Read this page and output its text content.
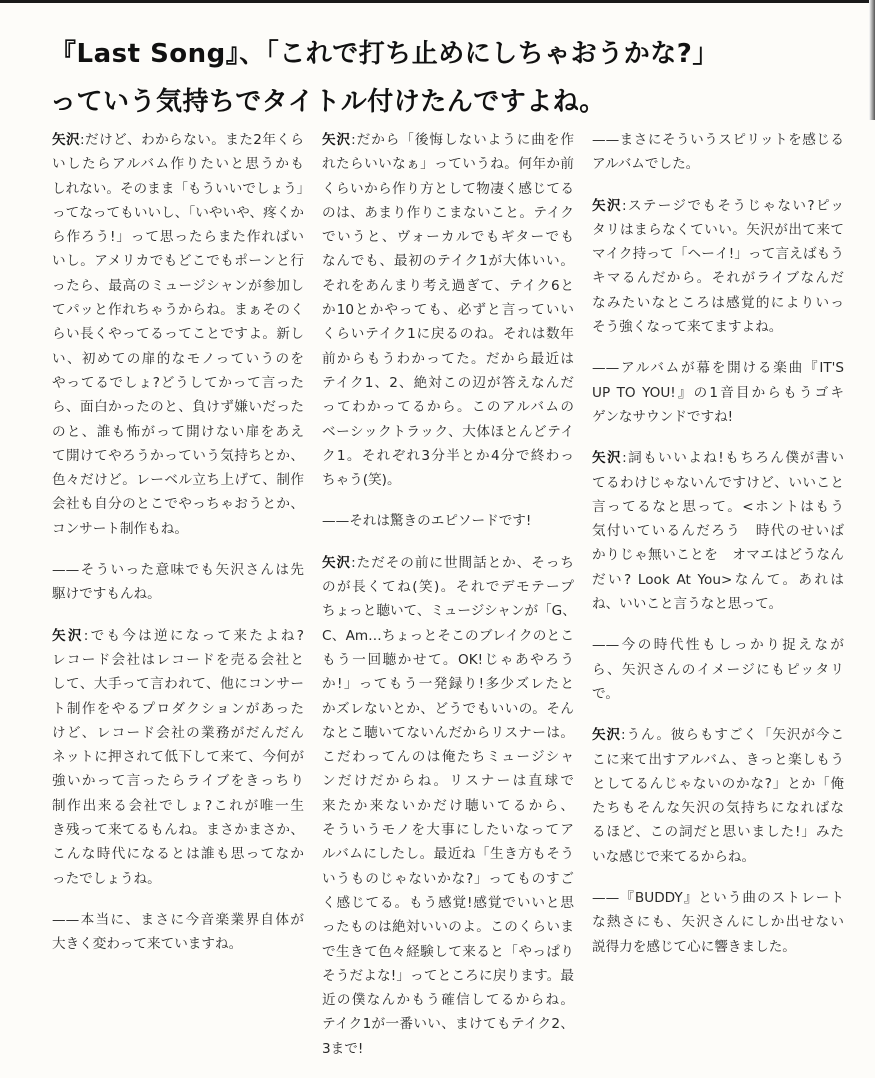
『Last Song』、「これで打ち止めにしちゃおうかな?」
っていう気持ちでタイトル付けたんですよね。
矢沢:だけど、わからない。また2年くら
いしたらアルバム作りたいと思うかも
しれない。そのまま「もういいでしょう」
ってなってもいいし、「いやいや、疼くか
ら作ろう!」って思ったらまた作ればい
いし。アメリカでもどこでもポーンと行
ったら、最高のミュージシャンが参加し
てパッと作れちゃうからね。まぁそのく
らい長くやってるってことですよ。新し
い、初めての扉的なモノっていうのを
やってるでしょ?どうしてかって言った
ら、面白かったのと、負けず嫌いだった
のと、誰も怖がって開けない扉をあえ
て開けてやろうかっていう気持ちとか、
色々だけど。レーベル立ち上げて、制作
会社も自分のとこでやっちゃおうとか、
コンサート制作もね。
——そういった意味でも矢沢さんは先
駆けですもんね。
矢沢:でも今は逆になって来たよね?
レコード会社はレコードを売る会社と
して、大手って言われて、他にコンサー
ト制作をやるプロダクションがあった
けど、レコード会社の業務がだんだん
ネットに押されて低下して来て、今何が
強いかって言ったらライブをきっちり
制作出来る会社でしょ?これが唯一生
き残って来てるもんね。まさかまさか、
こんな時代になるとは誰も思ってなか
ったでしょうね。
——本当に、まさに今音楽業界自体が
大きく変わって来ていますね。
矢沢:だから「後悔しないように曲を作
れたらいいなぁ」っていうね。何年か前
くらいから作り方として物凄く感じてる
のは、あまり作りこまないこと。テイク
でいうと、ヴォーカルでもギターでも
なんでも、最初のテイク1が大体いい。
それをあんまり考え過ぎて、テイク6と
か10とかやっても、必ずと言っていい
くらいテイク1に戻るのね。それは数年
前からもうわかってた。だから最近は
テイク1、2、絶対この辺が答えなんだ
ってわかってるから。このアルバムの
ベーシックトラック、大体ほとんどテイ
ク1。それぞれ3分半とか4分で終わっ
ちゃう(笑)。
——それは驚きのエピソードです!
矢沢:ただその前に世間話とか、そっち
のが長くてね(笑)。それでデモテープ
ちょっと聴いて、ミュージシャンが「G、
C、Am…ちょっとそこのブレイクのとこ
もう一回聴かせて。OK!じゃあやろう
か!」ってもう一発録り!多少ズレたと
かズレないとか、どうでもいいの。そん
なとこ聴いてないんだからリスナーは。
こだわってんのは俺たちミュージシャ
ンだけだからね。リスナーは直球で
来たか来ないかだけ聴いてるから、
そういうモノを大事にしたいなってア
ルバムにしたし。最近ね「生き方もそう
いうものじゃないかな?」ってものすご
く感じてる。もう感覚!感覚でいいと思
ったものは絶対いいのよ。このくらいま
で生きて色々経験して来ると「やっぱり
そうだよな!」ってところに戻ります。最
近の僕なんかもう確信してるからね。
テイク1が一番いい、まけてもテイク2、
3まで!
——まさにそういうスピリットを感じる
アルバムでした。
矢沢:ステージでもそうじゃない?ピッ
タリはまらなくていい。矢沢が出て来て
マイク持って「ヘーイ!」って言えばもう
キマるんだから。それがライブなんだ
なみたいなところは感覚的によりいっ
そう強くなって来てますよね。
——アルバムが幕を開ける楽曲『IT'S
UP TO YOU!』の1音目からもうゴキ
ゲンなサウンドですね!
矢沢:詞もいいよね!もちろん僕が書い
てるわけじゃないんですけど、いいこと
言ってるなと思って。<ホントはもう
気付いているんだろう　時代のせいば
かりじゃ無いことを　オマエはどうなん
だい? Look At You>なんて。あれは
ね、いいこと言うなと思って。
——今の時代性もしっかり捉えなが
ら、矢沢さんのイメージにもピッタリ
で。
矢沢:うん。彼らもすごく「矢沢が今こ
こに来て出すアルバム、きっと楽しもう
としてるんじゃないのかな?」とか「俺
たちもそんな矢沢の気持ちになればな
るほど、この詞だと思いました!」みた
いな感じで来てるからね。
——『BUDDY』という曲のストレート
な熱さにも、矢沢さんにしか出せない
説得力を感じて心に響きました。
